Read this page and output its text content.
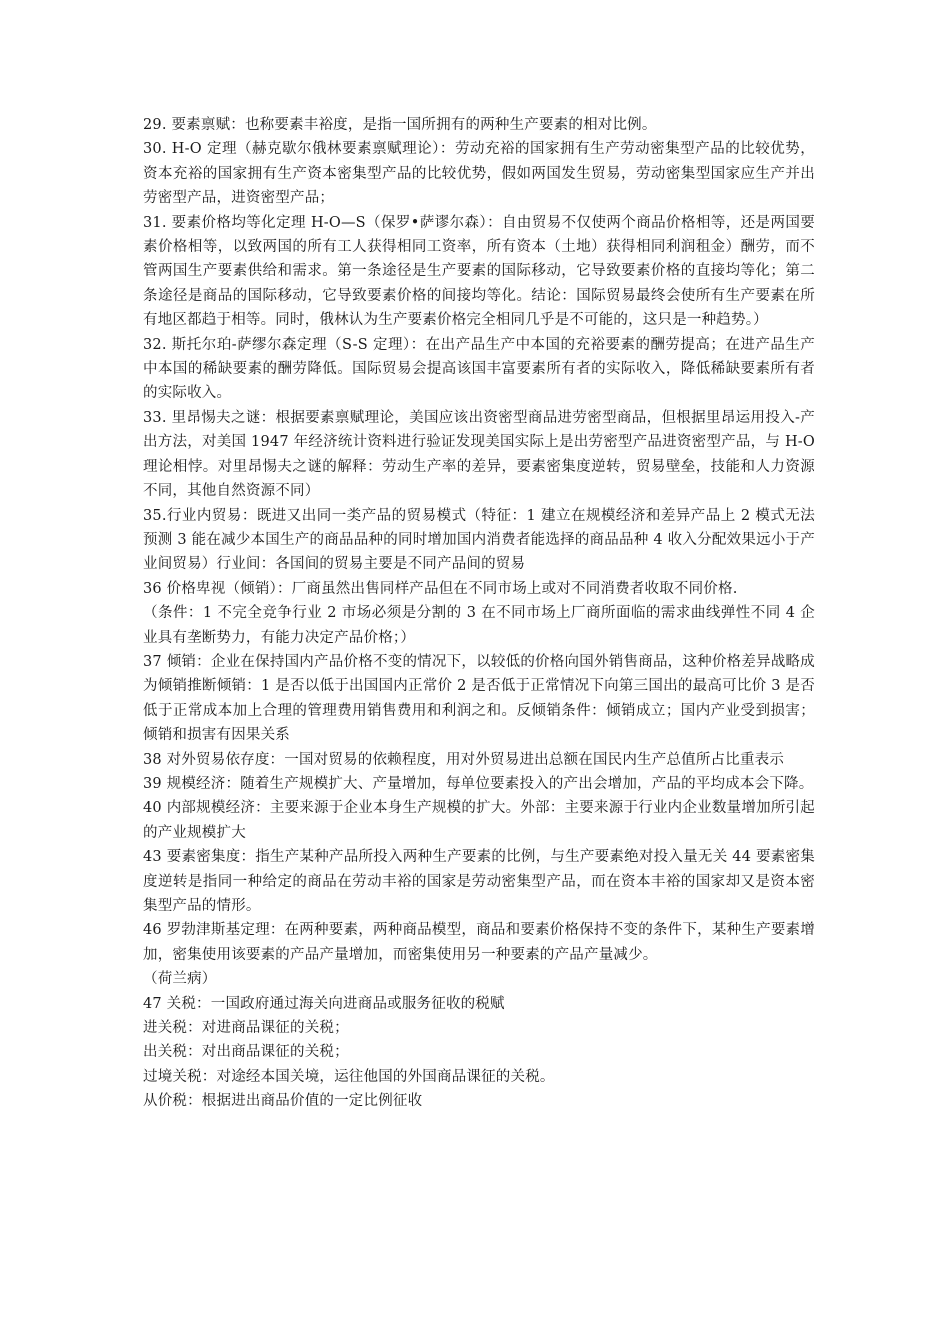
29. 要素禀赋：也称要素丰裕度，是指一国所拥有的两种生产要素的相对比例。

30. H-O 定理（赫克歇尔俄林要素禀赋理论）：劳动充裕的国家拥有生产劳动密集型产品的比较优势，资本充裕的国家拥有生产资本密集型产品的比较优势，假如两国发生贸易，劳动密集型国家应生产并出劳密型产品，进资密型产品；

31. 要素价格均等化定理 H-O—S（保罗•萨谬尔森）：自由贸易不仅使两个商品价格相等，还是两国要素价格相等，以致两国的所有工人获得相同工资率，所有资本（土地）获得相同利润租金）酬劳，而不管两国生产要素供给和需求。第一条途径是生产要素的国际移动，它导致要素价格的直接均等化；第二条途径是商品的国际移动，它导致要素价格的间接均等化。结论：国际贸易最终会使所有生产要素在所有地区都趋于相等。同时，俄林认为生产要素价格完全相同几乎是不可能的，这只是一种趋势。）

32. 斯托尔珀-萨缪尔森定理（S-S 定理）：在出产品生产中本国的充裕要素的酬劳提高；在进产品生产中本国的稀缺要素的酬劳降低。国际贸易会提高该国丰富要素所有者的实际收入，降低稀缺要素所有者的实际收入。

33. 里昂惕夫之谜：根据要素禀赋理论，美国应该出资密型商品进劳密型商品，但根据里昂运用投入-产出方法，对美国 1947 年经济统计资料进行验证发现美国实际上是出劳密型产品进资密型产品，与 H-O 理论相悖。对里昂惕夫之谜的解释：劳动生产率的差异，要素密集度逆转，贸易壁垒，技能和人力资源不同，其他自然资源不同）

35.行业内贸易：既进又出同一类产品的贸易模式（特征：1 建立在规模经济和差异产品上 2 模式无法预测 3 能在减少本国生产的商品品种的同时增加国内消费者能选择的商品品种 4 收入分配效果远小于产业间贸易）行业间：各国间的贸易主要是不同产品间的贸易

36 价格卑视（倾销）：厂商虽然出售同样产品但在不同市场上或对不同消费者收取不同价格.

（条件：1 不完全竞争行业 2 市场必须是分割的 3 在不同市场上厂商所面临的需求曲线弹性不同 4 企业具有垄断势力，有能力决定产品价格；）

37 倾销：企业在保持国内产品价格不变的情况下，以较低的价格向国外销售商品，这种价格差异战略成为倾销推断倾销：1 是否以低于出国国内正常价 2 是否低于正常情况下向第三国出的最高可比价 3 是否低于正常成本加上合理的管理费用销售费用和利润之和。反倾销条件：倾销成立；国内产业受到损害；倾销和损害有因果关系

38 对外贸易依存度：一国对贸易的依赖程度，用对外贸易进出总额在国民内生产总值所占比重表示

39 规模经济：随着生产规模扩大、产量增加，每单位要素投入的产出会增加，产品的平均成本会下降。

40 内部规模经济：主要来源于企业本身生产规模的扩大。外部：主要来源于行业内企业数量增加所引起的产业规模扩大

43 要素密集度：指生产某种产品所投入两种生产要素的比例，与生产要素绝对投入量无关 44 要素密集度逆转是指同一种给定的商品在劳动丰裕的国家是劳动密集型产品，而在资本丰裕的国家却又是资本密集型产品的情形。

46 罗勃津斯基定理：在两种要素，两种商品模型，商品和要素价格保持不变的条件下，某种生产要素增加，密集使用该要素的产品产量增加，而密集使用另一种要素的产品产量减少。

（荷兰病）

47 关税：一国政府通过海关向进商品或服务征收的税赋

进关税：对进商品课征的关税；

出关税：对出商品课征的关税；

过境关税：对途经本国关境，运往他国的外国商品课征的关税。

从价税：根据进出商品价值的一定比例征收
